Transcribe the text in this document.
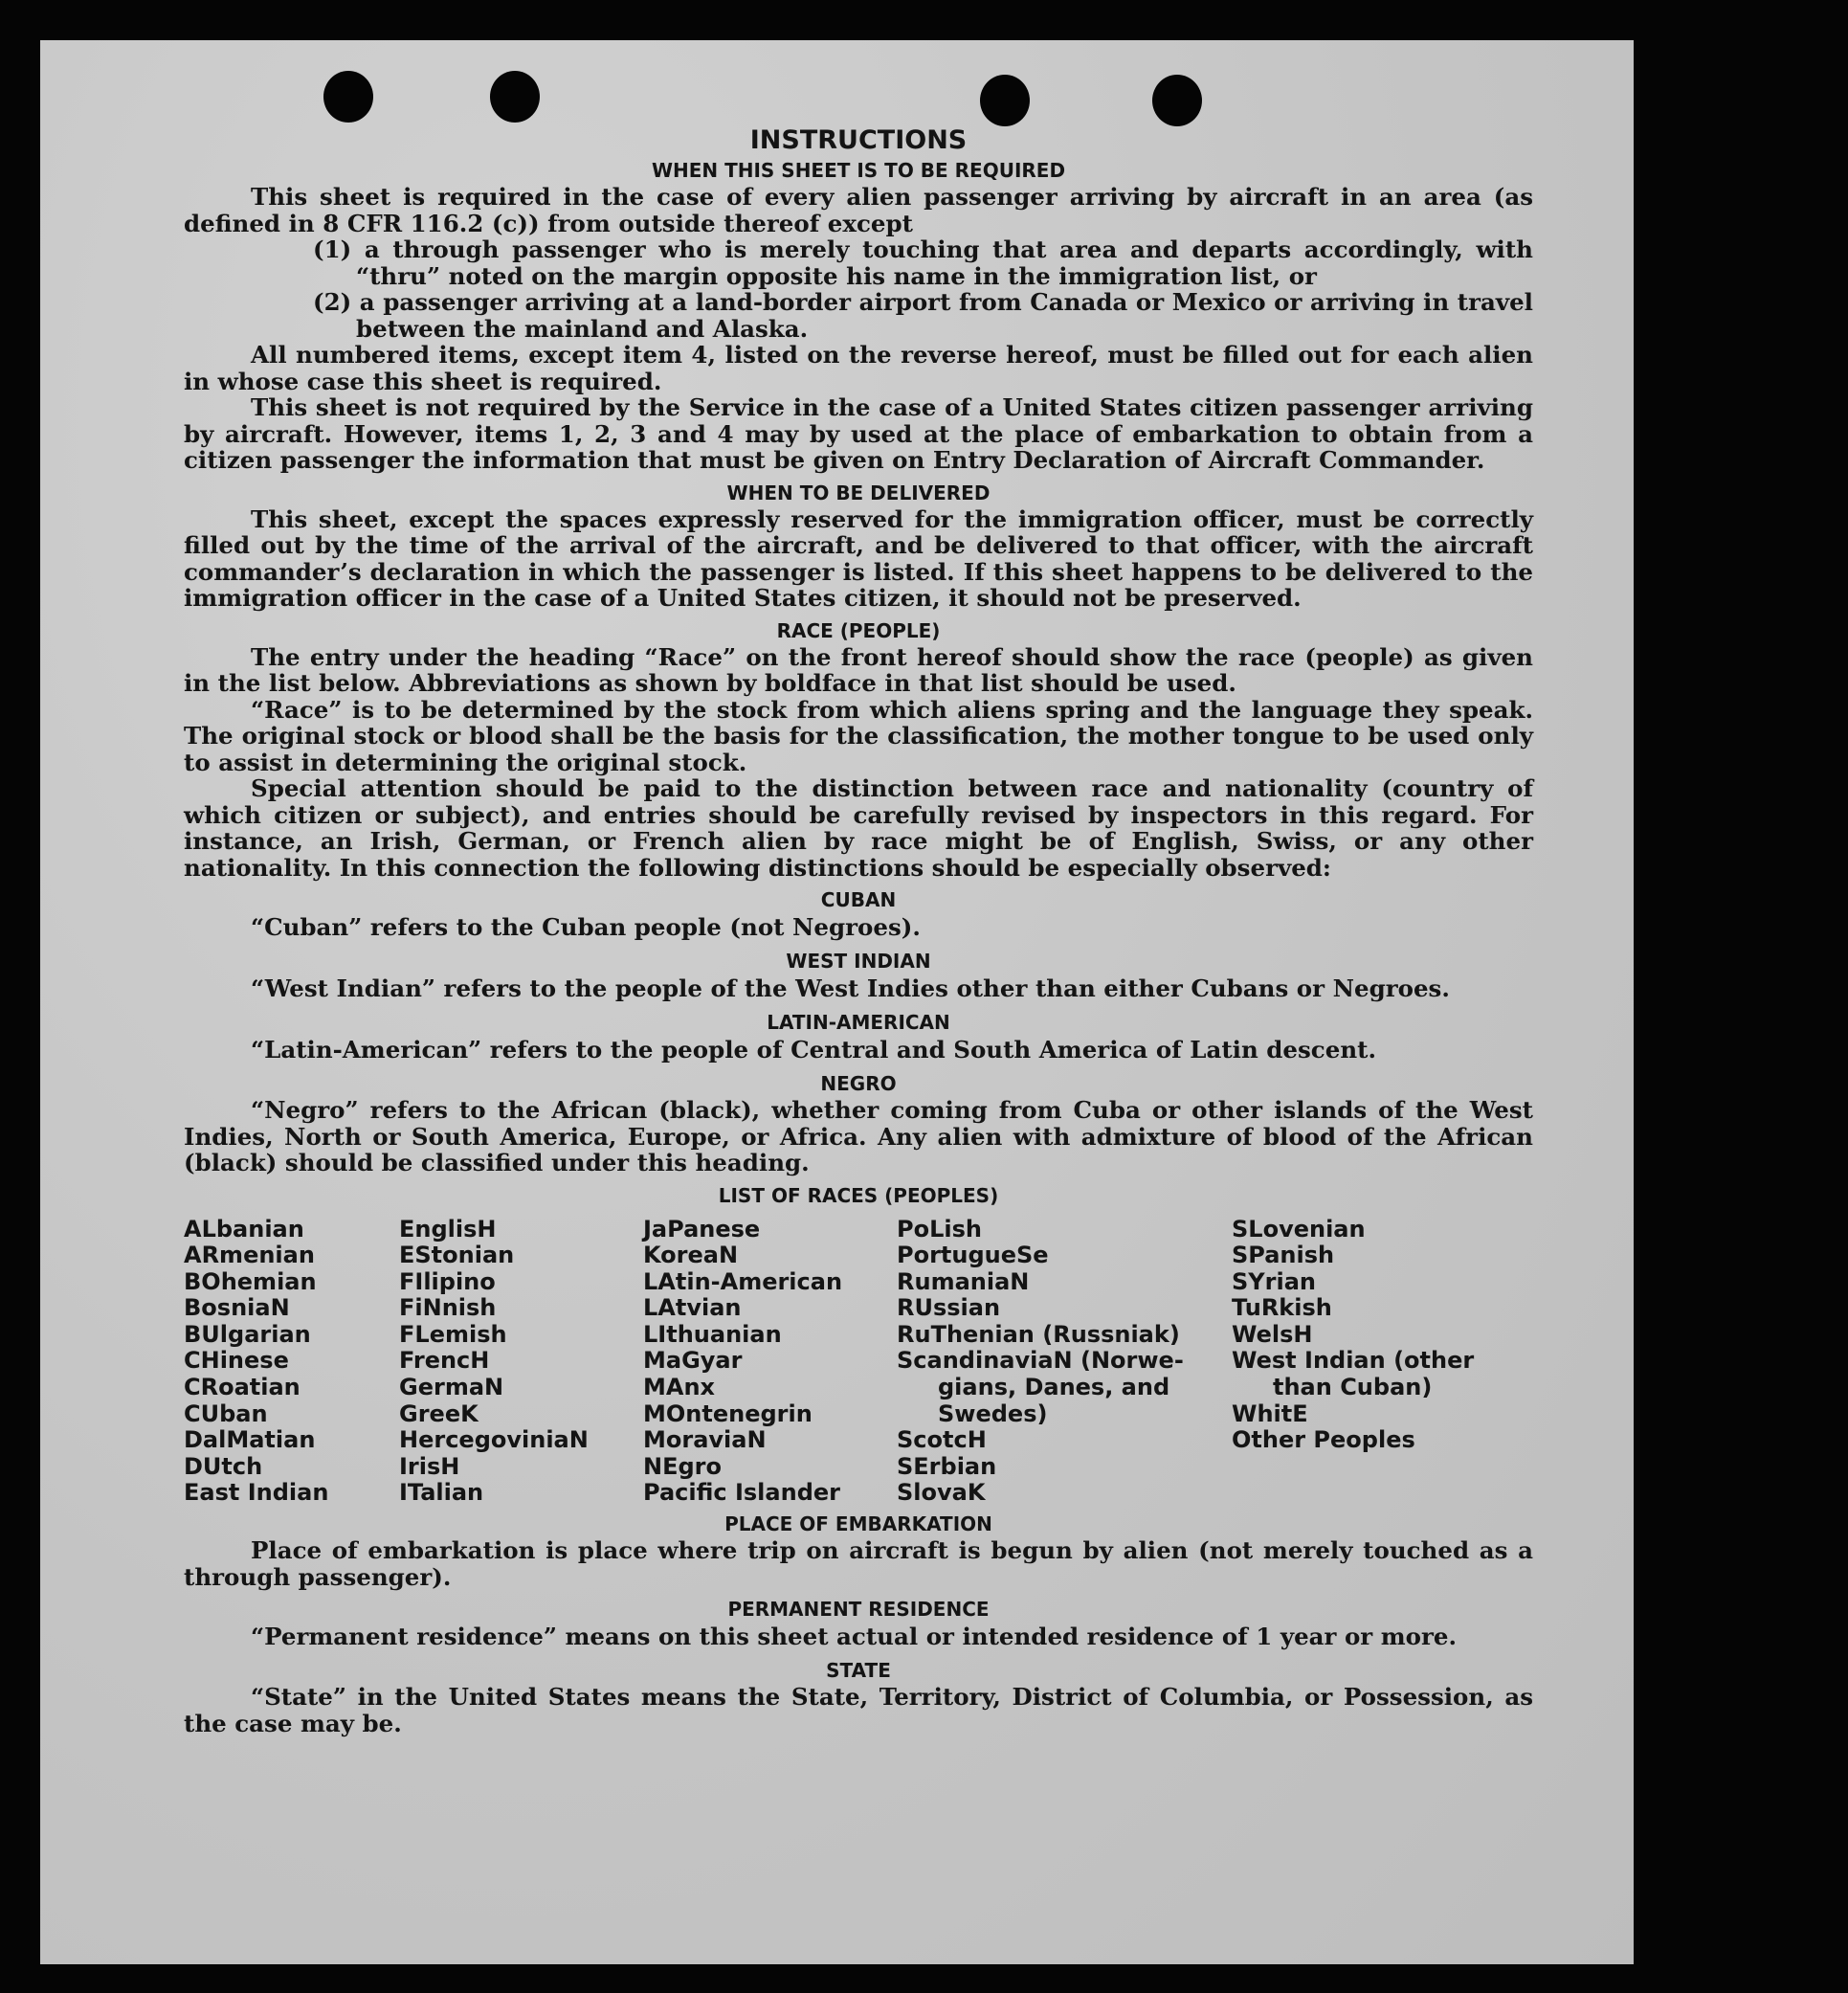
INSTRUCTIONS
WHEN THIS SHEET IS TO BE REQUIRED

This sheet is required in the case of every alien passenger arriving by aircraft in an area (as defined in 8 CFR 116.2 (c)) from outside thereof except

(1) a through passenger who is merely touching that area and departs accordingly, with “thru” noted on the margin opposite his name in the immigration list, or

(2) a passenger arriving at a land-border airport from Canada or Mexico or arriving in travel between the mainland and Alaska.

All numbered items, except item 4, listed on the reverse hereof, must be filled out for each alien in whose case this sheet is required.

This sheet is not required by the Service in the case of a United States citizen passenger arriving by aircraft. However, items 1, 2, 3 and 4 may by used at the place of embarkation to obtain from a citizen passenger the information that must be given on Entry Declaration of Aircraft Commander.

WHEN TO BE DELIVERED

This sheet, except the spaces expressly reserved for the immigration officer, must be correctly filled out by the time of the arrival of the aircraft, and be delivered to that officer, with the aircraft commander’s declaration in which the passenger is listed. If this sheet happens to be delivered to the immigration officer in the case of a United States citizen, it should not be preserved.

RACE (PEOPLE)

The entry under the heading “Race” on the front hereof should show the race (people) as given in the list below. Abbreviations as shown by boldface in that list should be used.

“Race” is to be determined by the stock from which aliens spring and the language they speak. The original stock or blood shall be the basis for the classification, the mother tongue to be used only to assist in determining the original stock.

Special attention should be paid to the distinction between race and nationality (country of which citizen or subject), and entries should be carefully revised by inspectors in this regard. For instance, an Irish, German, or French alien by race might be of English, Swiss, or any other nationality. In this connection the following distinctions should be especially observed:

CUBAN

“Cuban” refers to the Cuban people (not Negroes).

WEST INDIAN

“West Indian” refers to the people of the West Indies other than either Cubans or Negroes.

LATIN-AMERICAN

“Latin-American” refers to the people of Central and South America of Latin descent.

NEGRO

“Negro” refers to the African (black), whether coming from Cuba or other islands of the West Indies, North or South America, Europe, or Africa. Any alien with admixture of blood of the African (black) should be classified under this heading.

LIST OF RACES (PEOPLES)
ALbanian
ARmenian
BOhemian
BosniaN
BUlgarian
CHinese
CRoatian
CUban
DalMatian
DUtch
East Indian
EnglisH
EStonian
FIlipino
FiNnish
FLemish
FrencH
GermaN
GreeK
HercegoviniaN
IrisH
ITalian
JaPanese
KoreaN
LAtin-American
LAtvian
LIthuanian
MaGyar
MAnx
MOntenegrin
MoraviaN
NEgro
Pacific Islander
PoLish
PortugueSe
RumaniaN
RUssian
RuThenian (Russniak)
ScandinaviaN (Norwe-
gians, Danes, and
Swedes)
ScotcH
SErbian
SlovaK
SLovenian
SPanish
SYrian
TuRkish
WelsH
West Indian (other
than Cuban)
WhitE
Other Peoples
PLACE OF EMBARKATION

Place of embarkation is place where trip on aircraft is begun by alien (not merely touched as a through passenger).

PERMANENT RESIDENCE

“Permanent residence” means on this sheet actual or intended residence of 1 year or more.

STATE

“State” in the United States means the State, Territory, District of Columbia, or Possession, as the case may be.
